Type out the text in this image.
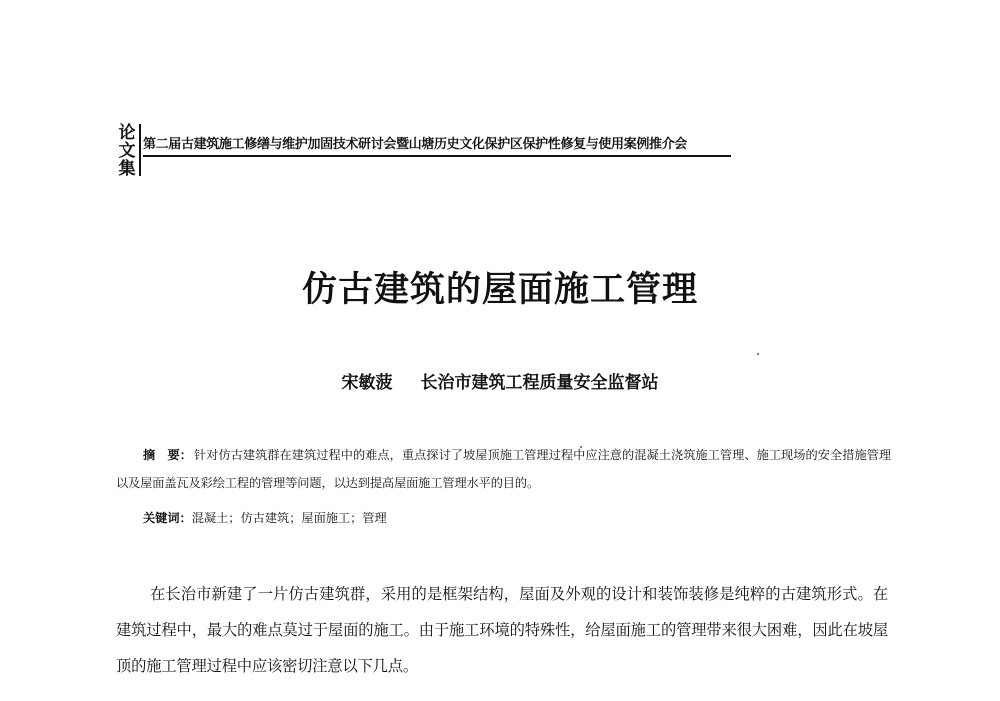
论
文
集
第二届古建筑施工修缮与维护加固技术研讨会暨山塘历史文化保护区保护性修复与使用案例推介会
仿古建筑的屋面施工管理
宋敏菠 长治市建筑工程质量安全监督站
摘　要： 针对仿古建筑群在建筑过程中的难点，重点探讨了坡屋顶施工管理过程中应注意的混凝土浇筑施工管理、施工现场的安全措施管理以及屋面盖瓦及彩绘工程的管理等问题，以达到提高屋面施工管理水平的目的。
关键词：混凝土；仿古建筑；屋面施工；管理
在长治市新建了一片仿古建筑群，采用的是框架结构，屋面及外观的设计和装饰装修是纯粹的古建筑形式。在建筑过程中，最大的难点莫过于屋面的施工。由于施工环境的特殊性，给屋面施工的管理带来很大困难，因此在坡屋顶的施工管理过程中应该密切注意以下几点。
